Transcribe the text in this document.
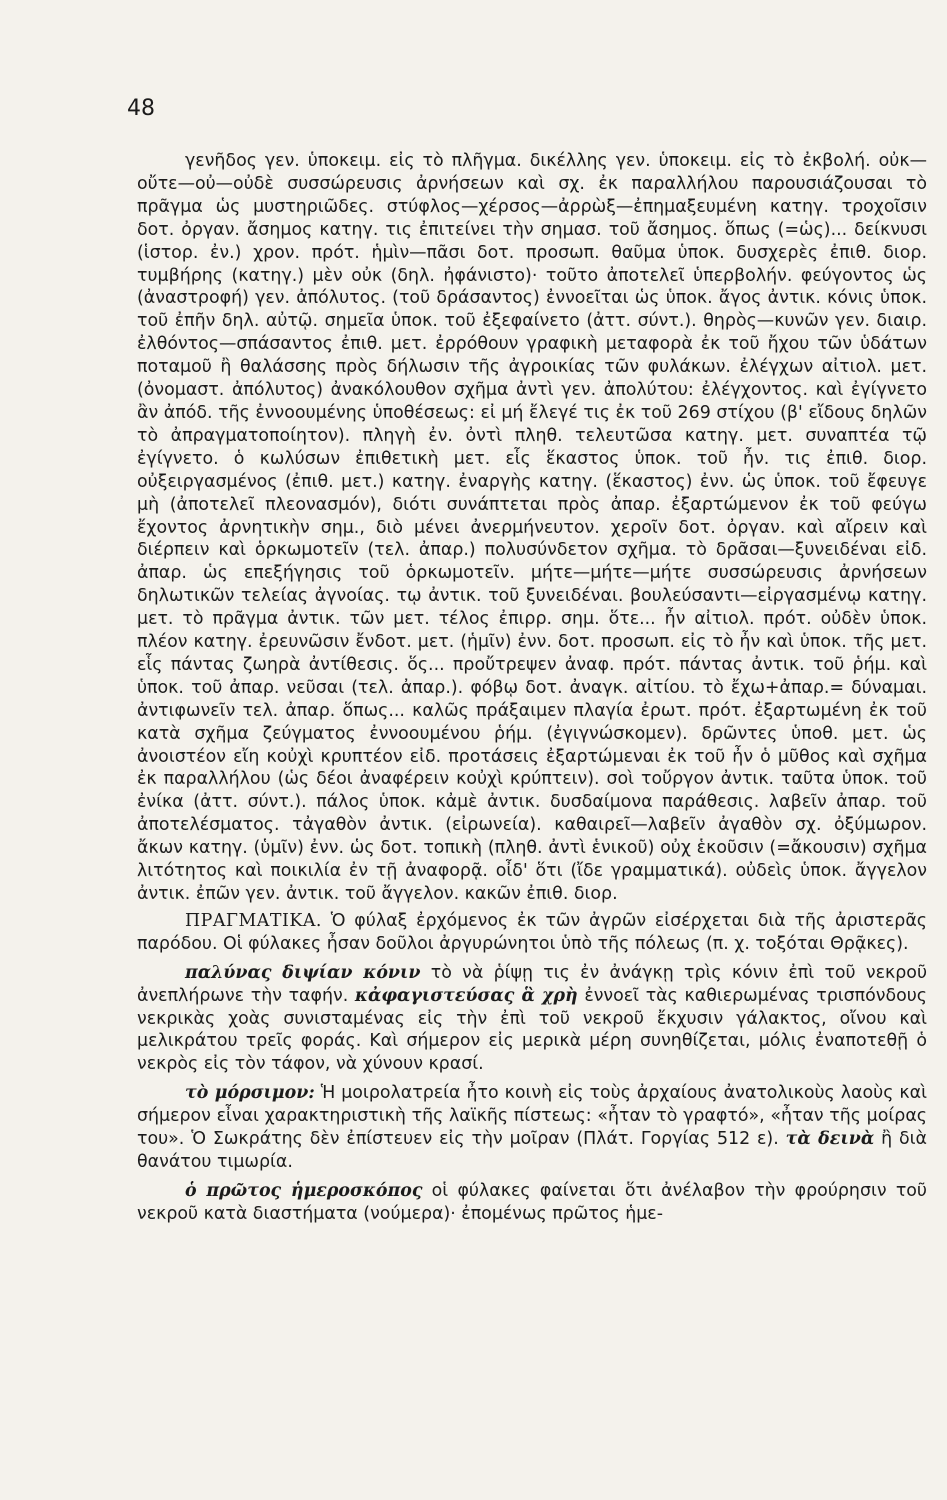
48

γενῆδος γεν. ὑποκειμ. εἰς τὸ πλῆγμα. δικέλλης γεν. ὑποκειμ. εἰς τὸ ἐκβολή. οὐκ—οὔτε—οὐ—οὐδὲ συσσώρευσις ἀρνήσεων καὶ σχ. ἐκ παραλλήλου παρουσιάζουσαι τὸ πρᾶγμα ὡς μυστηριῶδες. στύφλος—χέρσος—ἀρρὼξ—ἐπημαξευμένη κατηγ. τροχοῖσιν δοτ. ὀργαν. ἄσημος κατηγ. τις ἐπιτείνει τὴν σημασ. τοῦ ἄσημος. ὅπως (=ὡς)... δείκνυσι (ἱστορ. ἐν.) χρον. πρότ. ἡμὶν—πᾶσι δοτ. προσωπ. θαῦμα ὑποκ. δυσχερὲς ἐπιθ. διορ. τυμβήρης (κατηγ.) μὲν οὐκ (δηλ. ἠφάνιστο)· τοῦτο ἀποτελεῖ ὑπερβολήν. φεύγοντος ὡς (ἀναστροφή) γεν. ἀπόλυτος. (τοῦ δράσαντος) ἐννοεῖται ὡς ὑποκ. ἄγος ἀντικ. κόνις ὑποκ. τοῦ ἐπῆν δηλ. αὐτῷ. σημεῖα ὑποκ. τοῦ ἐξεφαίνετο (ἀττ. σύντ.). θηρὸς—κυνῶν γεν. διαιρ. ἐλθόντος—σπάσαντος ἐπιθ. μετ. ἐρρόθουν γραφικὴ μεταφορὰ ἐκ τοῦ ἤχου τῶν ὑδάτων ποταμοῦ ἢ θαλάσσης πρὸς δήλωσιν τῆς ἀγροικίας τῶν φυλάκων. ἐλέγχων αἰτιολ. μετ. (ὀνομαστ. ἀπόλυτος) ἀνακόλουθον σχῆμα ἀντὶ γεν. ἀπολύτου: ἐλέγχοντος. καὶ ἐγίγνετο ἂν ἀπόδ. τῆς ἐννοουμένης ὑποθέσεως: εἰ μή ἔλεγέ τις ἐκ τοῦ 269 στίχου (β' εἴδους δηλῶν τὸ ἀπραγματοποίητον). πληγὴ ἐν. ὀντὶ πληθ. τελευτῶσα κατηγ. μετ. συναπτέα τῷ ἐγίγνετο. ὁ κωλύσων ἐπιθετικὴ μετ. εἷς ἕκαστος ὑποκ. τοῦ ἦν. τις ἐπιθ. διορ. οὐξειργασμένος (ἐπιθ. μετ.) κατηγ. ἐναργὴς κατηγ. (ἕκαστος) ἐνν. ὡς ὑποκ. τοῦ ἔφευγε μὴ (ἀποτελεῖ πλεονασμόν), διότι συνάπτεται πρὸς ἀπαρ. ἐξαρτώμενον ἐκ τοῦ φεύγω ἔχοντος ἀρνητικὴν σημ., διὸ μένει ἀνερμήνευτον. χεροῖν δοτ. ὀργαν. καὶ αἴρειν καὶ διέρπειν καὶ ὁρκωμοτεῖν (τελ. ἀπαρ.) πολυσύνδετον σχῆμα. τὸ δρᾶσαι—ξυνειδέναι εἰδ. ἀπαρ. ὡς επεξήγησις τοῦ ὁρκωμοτεῖν. μήτε—μήτε—μήτε συσσώρευσις ἀρνήσεων δηλωτικῶν τελείας ἀγνοίας. τῳ ἀντικ. τοῦ ξυνειδέναι. βουλεύσαντι—εἰργασμένῳ κατηγ. μετ. τὸ πρᾶγμα ἀντικ. τῶν μετ. τέλος ἐπιρρ. σημ. ὅτε... ἦν αἰτιολ. πρότ. οὐδὲν ὑποκ. πλέον κατηγ. ἐρευνῶσιν ἔνδοτ. μετ. (ἡμῖν) ἐνν. δοτ. προσωπ. εἰς τὸ ἦν καὶ ὑποκ. τῆς μετ. εἷς πάντας ζωηρὰ ἀντίθεσις. ὅς... προὔτρεψεν ἀναφ. πρότ. πάντας ἀντικ. τοῦ ῥήμ. καὶ ὑποκ. τοῦ ἀπαρ. νεῦσαι (τελ. ἀπαρ.). φόβῳ δοτ. ἀναγκ. αἰτίου. τὸ ἔχω+ἀπαρ.= δύναμαι. ἀντιφωνεῖν τελ. ἀπαρ. ὅπως... καλῶς πράξαιμεν πλαγία ἐρωτ. πρότ. ἐξαρτωμένη ἐκ τοῦ κατὰ σχῆμα ζεύγματος ἐννοουμένου ῥήμ. (ἐγιγνώσκομεν). δρῶντες ὑποθ. μετ. ὡς ἀνοιστέον εἴη κοὐχὶ κρυπτέον εἰδ. προτάσεις ἐξαρτώμεναι ἐκ τοῦ ἦν ὁ μῦθος καὶ σχῆμα ἐκ παραλλήλου (ὡς δέοι ἀναφέρειν κοὐχὶ κρύπτειν). σοὶ τοὔργον ἀντικ. ταῦτα ὑποκ. τοῦ ἐνίκα (ἀττ. σύντ.). πάλος ὑποκ. κἀμὲ ἀντικ. δυσδαίμονα παράθεσις. λαβεῖν ἀπαρ. τοῦ ἀποτελέσματος. τἀγαθὸν ἀντικ. (εἰρωνεία). καθαιρεῖ—λαβεῖν ἀγαθὸν σχ. ὀξύμωρον. ἄκων κατηγ. (ὑμῖν) ἐνν. ὡς δοτ. τοπικὴ (πληθ. ἀντὶ ἑνικοῦ) οὐχ ἑκοῦσιν (=ἄκουσιν) σχῆμα λιτότητος καὶ ποικιλία ἐν τῇ ἀναφορᾷ. οἶδ' ὅτι (ἴδε γραμματικά). οὐδεὶς ὑποκ. ἄγγελον ἀντικ. ἐπῶν γεν. ἀντικ. τοῦ ἄγγελον. κακῶν ἐπιθ. διορ.

ΠΡΑΓΜΑΤΙΚΑ. Ὁ φύλαξ ἐρχόμενος ἐκ τῶν ἀγρῶν εἰσέρχεται διὰ τῆς ἀριστερᾶς παρόδου. Οἱ φύλακες ἦσαν δοῦλοι ἀργυρώνητοι ὑπὸ τῆς πόλεως (π. χ. τοξόται Θρᾷκες).

παλύνας διψίαν κόνιν τὸ νὰ ῥίψῃ τις ἐν ἀνάγκῃ τρὶς κόνιν ἐπὶ τοῦ νεκροῦ ἀνεπλήρωνε τὴν ταφήν. κἀφαγιστεύσας ἃ χρὴ ἐννοεῖ τὰς καθιερωμένας τρισπόνδους νεκρικὰς χοὰς συνισταμένας εἰς τὴν ἐπὶ τοῦ νεκροῦ ἔκχυσιν γάλακτος, οἴνου καὶ μελικράτου τρεῖς φοράς. Καὶ σήμερον εἰς μερικὰ μέρη συνηθίζεται, μόλις ἐναποτεθῇ ὁ νεκρὸς εἰς τὸν τάφον, νὰ χύνουν κρασί.

τὸ μόρσιμον: Ἡ μοιρολατρεία ἦτο κοινὴ εἰς τοὺς ἀρχαίους ἀνατολικοὺς λαοὺς καὶ σήμερον εἶναι χαρακτηριστικὴ τῆς λαϊκῆς πίστεως: «ἦταν τὸ γραφτό», «ἦταν τῆς μοίρας του». Ὁ Σωκράτης δὲν ἐπίστευεν εἰς τὴν μοῖραν (Πλάτ. Γοργίας 512 ε). τὰ δεινὰ ἢ διὰ θανάτου τιμωρία.

ὁ πρῶτος ἡμεροσκόπος οἱ φύλακες φαίνεται ὅτι ἀνέλαβον τὴν φρούρησιν τοῦ νεκροῦ κατὰ διαστήματα (νούμερα)· ἐπομένως πρῶτος ἡμε-
